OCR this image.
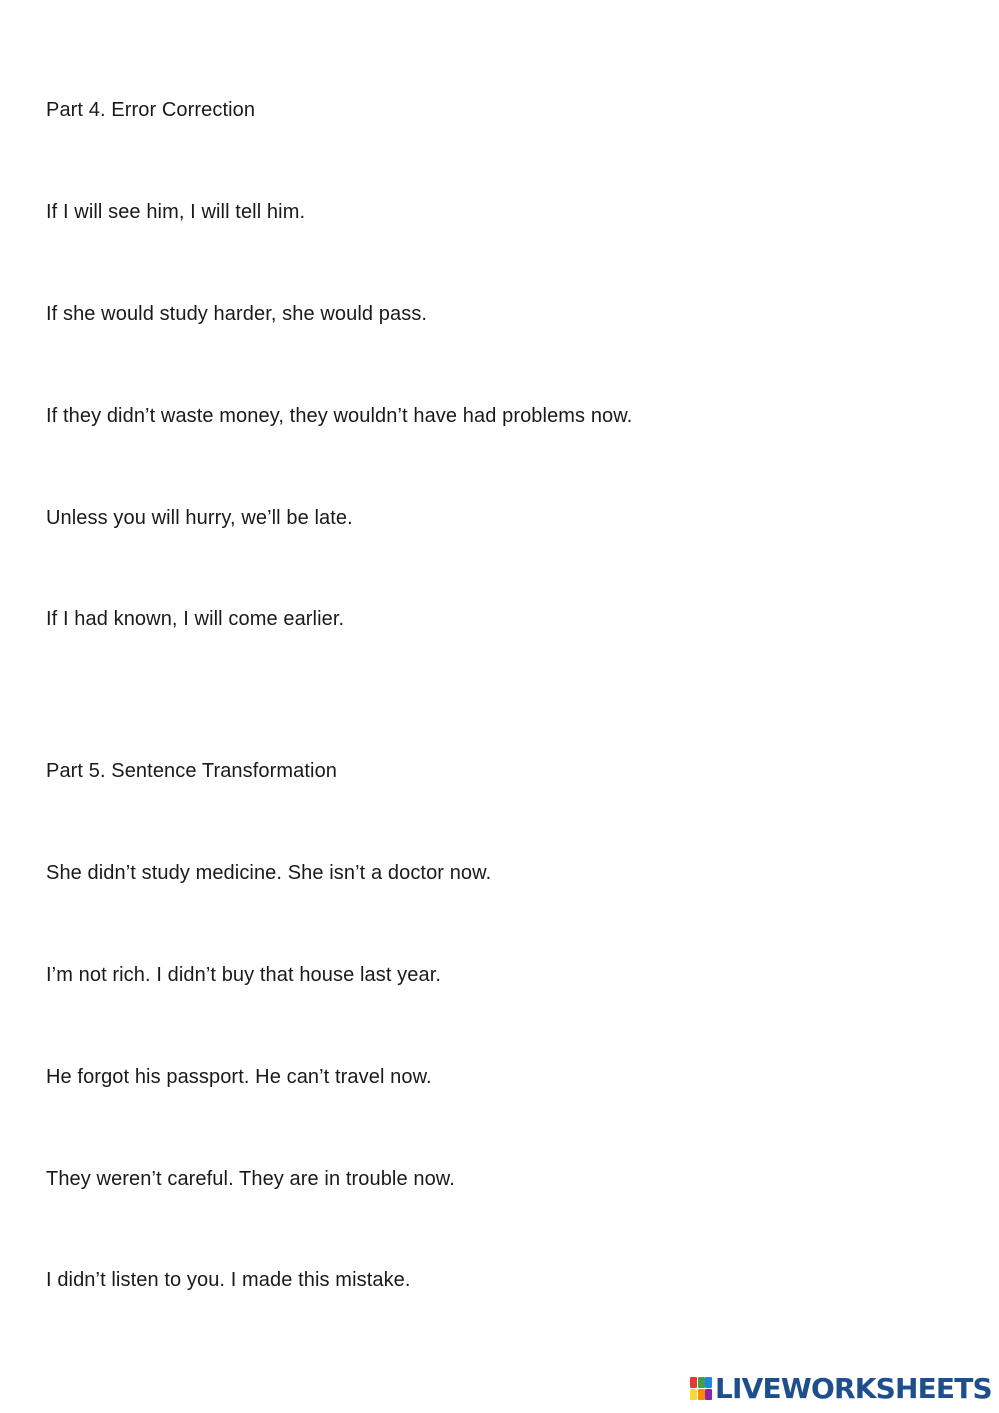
Part 4. Error Correction
If I will see him, I will tell him.
If she would study harder, she would pass.
If they didn’t waste money, they wouldn’t have had problems now.
Unless you will hurry, we’ll be late.
If I had known, I will come earlier.
Part 5. Sentence Transformation
She didn’t study medicine. She isn’t a doctor now.
I’m not rich. I didn’t buy that house last year.
He forgot his passport. He can’t travel now.
They weren’t careful. They are in trouble now.
I didn’t listen to you. I made this mistake.
LIVEWORKSHEETS
